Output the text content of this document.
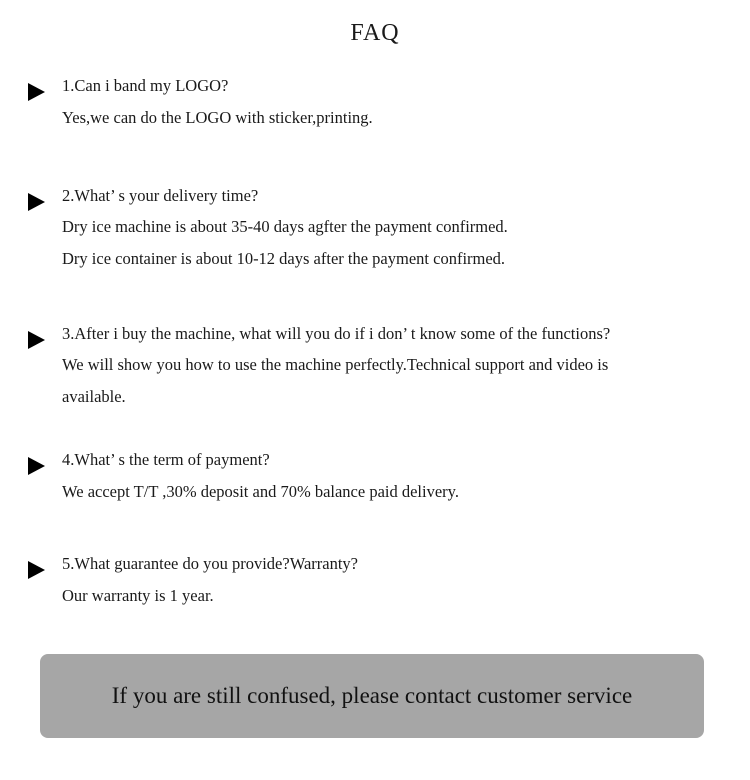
FAQ
1.Can i band my LOGO?
Yes,we can do the LOGO with sticker,printing.
2.What’ s your delivery time?
Dry ice machine is about 35-40 days agfter the payment confirmed.
Dry ice container is about 10-12 days after the payment confirmed.
3.After i buy the machine, what will you do if i don’ t know some of the functions?
We will show you how to use the machine perfectly.Technical support and video is
available.
4.What’ s the term of payment?
We accept T/T ,30% deposit and 70% balance paid delivery.
5.What guarantee do you provide?Warranty?
Our warranty is 1 year.
If you are still confused, please contact customer service
